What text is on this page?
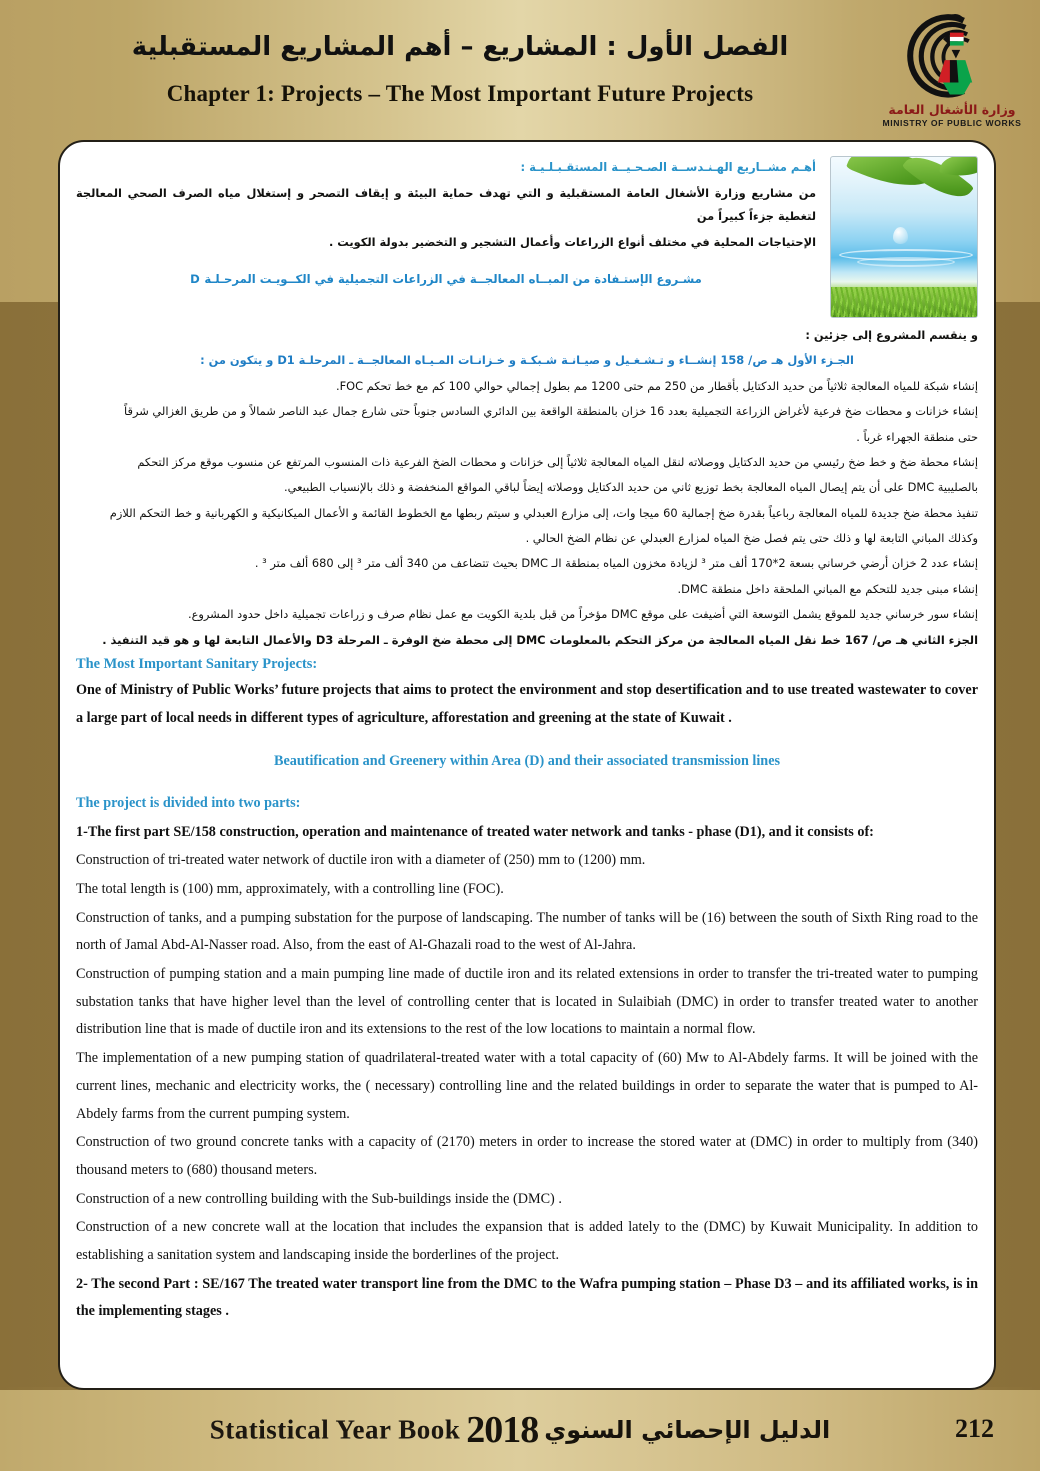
الفصل الأول : المشاريع – أهم المشاريع المستقبلية
Chapter 1: Projects – The Most Important Future Projects
وزارة الأشغال العامة
MINISTRY OF PUBLIC WORKS
أهـم مشــاريع الهـنـدســة الصـحـيــة المستقـبـلـيـة :
من مشاريع وزارة الأشغال العامة المستقبلية و التي تهدف حماية البيئة و إيقاف التصحر و إستغلال مياه الصرف الصحي المعالجة لتغطية جزءاً كبيراً من
الإحتياجات المحلية في مختلف أنواع الزراعات وأعمال التشجير و التخضير بدولة الكويت .
مشـروع الإستـفادة من المبــاه المعالجــة في الزراعات التجميلية في الكــويـت المرحـلـة D
و ينقسم المشروع إلى جزئين :
الجـزء الأول هـ ص/ 158 إنشــاء و تـشـغـيل و صيـانـة شـبكـة و خـزانـات المـيـاه المعالجــة ـ المرحلـة D1 و يتكون من :
إنشاء شبكة للمياه المعالجة ثلاثياً من حديد الدكتايل بأقطار من 250 مم حتى 1200 مم بطول إجمالي حوالي 100 كم مع خط تحكم FOC.
إنشاء خزانات و محطات ضخ فرعية لأغراض الزراعة التجميلية بعدد 16 خزان بالمنطقة الواقعة بين الدائري السادس جنوباً حتى شارع جمال عبد الناصر شمالاً و من طريق الغزالي شرقاً
حتى منطقة الجهراء غرباً .
إنشاء محطة ضخ و خط ضخ رئيسي من حديد الدكتايل ووصلاته لنقل المياه المعالجة ثلاثياً إلى خزانات و محطات الضخ الفرعية ذات المنسوب المرتفع عن منسوب موقع مركز التحكم
بالصليبية DMC على أن يتم إيصال المياه المعالجة بخط توزيع ثاني من حديد الدكتايل ووصلاته إيضاً لباقي المواقع المنخفضة و ذلك بالإنسياب الطبيعي.
تنفيذ محطة ضخ جديدة للمياه المعالجة رباعياً بقدرة ضخ إجمالية 60 ميجا وات، إلى مزارع العبدلي و سيتم ربطها مع الخطوط القائمة و الأعمال الميكانيكية و الكهربانية و خط التحكم اللازم
وكذلك المباني التابعة لها و ذلك حتى يتم فصل ضخ المياه لمزارع العبدلي عن نظام الضخ الحالي .
إنشاء عدد 2 خزان أرضي خرساني بسعة 2*170 ألف متر ³ لزيادة مخزون المياه بمنطقة الـ DMC بحيث تتضاعف من 340 ألف متر ³ إلى 680 ألف متر ³ .
إنشاء مبنى جديد للتحكم مع المباني الملحقة داخل منطقة DMC.
إنشاء سور خرساني جديد للموقع يشمل التوسعة التي أضيفت على موقع DMC مؤخراً من قبل بلدية الكويت مع عمل نظام صرف و زراعات تجميلية داخل حدود المشروع.
الجزء الثاني هـ ص/ 167 خط نقل المياه المعالجة من مركز التحكم بالمعلومات DMC إلى محطة ضخ الوفرة ـ المرحلة D3 والأعمال التابعة لها و هو قيد التنفيذ .
The Most Important Sanitary Projects:
One of Ministry of Public Works’ future projects that aims to protect the environment and stop desertification and to use treated wastewater to cover a large part of local needs in different types of agriculture, afforestation and greening at the state of Kuwait .
Beautification and Greenery within Area (D) and their associated transmission lines
The project is divided into two parts:
1-The first part SE/158 construction, operation and maintenance of treated water network and tanks - phase (D1), and it consists of:
Construction of tri-treated water network of ductile iron with a diameter of (250) mm to (1200) mm.
The total length is (100) mm, approximately, with a controlling line (FOC).
Construction of tanks, and a pumping substation for the purpose of landscaping. The number of tanks will be (16) between the south of Sixth Ring road to the north of Jamal Abd-Al-Nasser road. Also, from the east of Al-Ghazali road to the west of Al-Jahra.
Construction of pumping station and a main pumping line made of ductile iron and its related extensions in order to transfer the tri-treated water to pumping substation tanks that have higher level than the level of controlling center that is located in Sulaibiah (DMC) in order to transfer treated water to another distribution line that is made of ductile iron and its extensions to the rest of the low locations to maintain a normal flow.
The implementation of a new pumping station of quadrilateral-treated water with a total capacity of (60) Mw to Al-Abdely farms. It will be joined with the current lines, mechanic and electricity works, the ( necessary) controlling line and the related buildings in order to separate the water that is pumped to Al-Abdely farms from the current pumping system.
Construction of two ground concrete tanks with a capacity of (2170) meters in order to increase the stored water at (DMC) in order to multiply from (340) thousand meters to (680) thousand meters.
Construction of a new controlling building with the Sub-buildings inside the (DMC) .
Construction of a new concrete wall at the location that includes the expansion that is added lately to the (DMC) by Kuwait Municipality. In addition to establishing a sanitation system and landscaping inside the borderlines of the project.
2- The second Part : SE/167 The treated water transport line from the DMC to the Wafra pumping station – Phase D3 – and its affiliated works, is in the implementing stages .
Statistical Year Book 2018 الدليل الإحصائي السنوي	212
